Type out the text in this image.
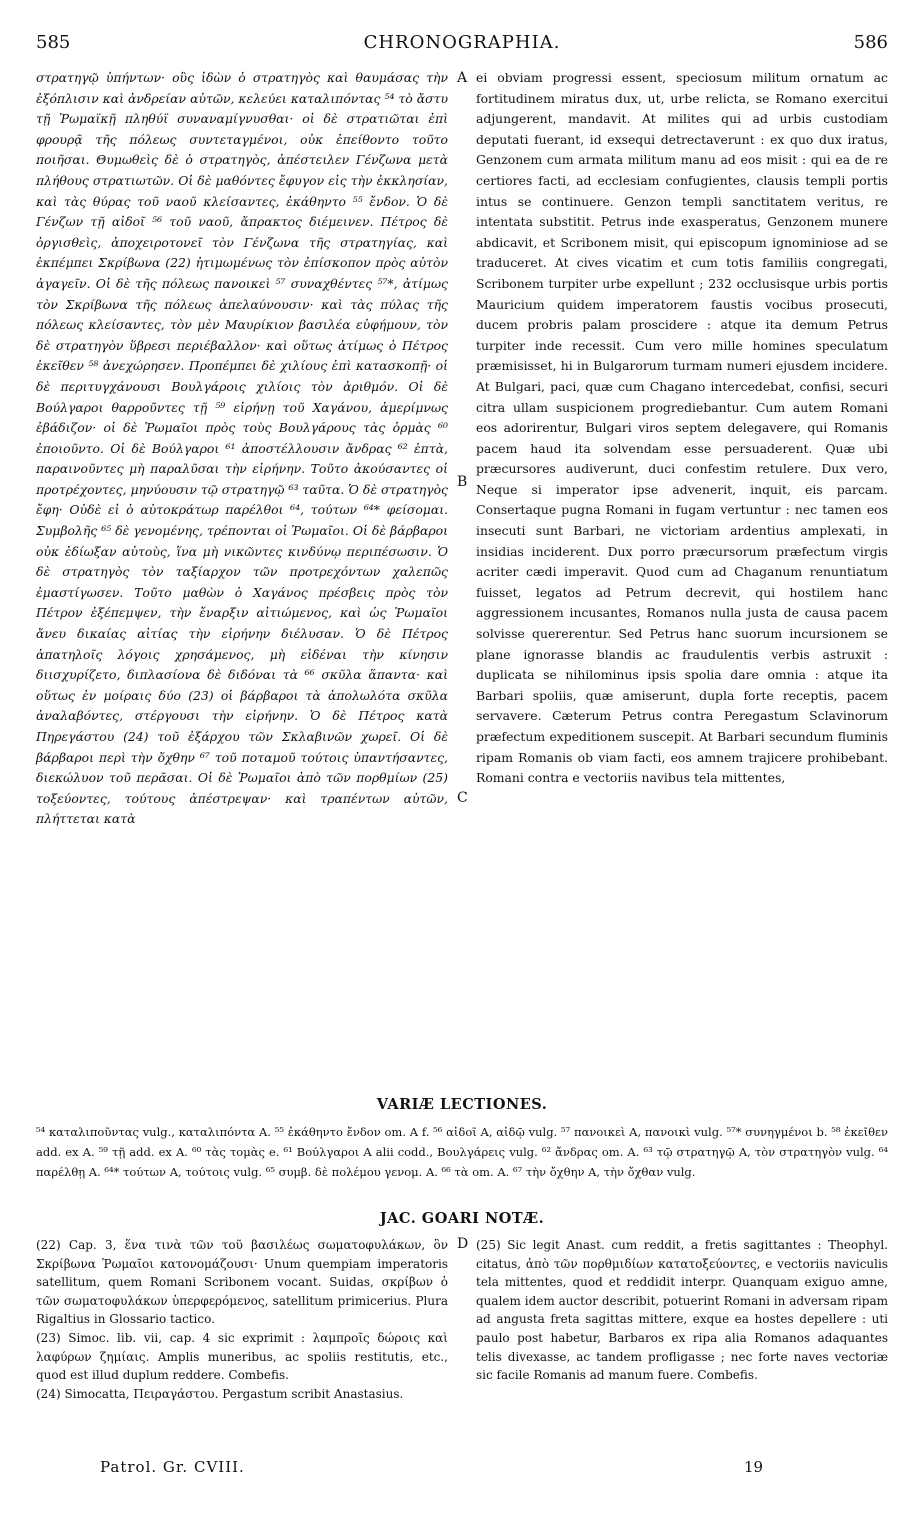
585	CHRONOGRAPHIA.	586

στρατηγῷ ὑπήντων· οὓς ἰδὼν ὁ στρατηγὸς καὶ θαυμάσας τὴν ἐξόπλισιν καὶ ἀνδρείαν αὐτῶν, κελεύει καταλιπόντας ⁵⁴ τὸ ἄστυ τῇ Ῥωμαϊκῇ πληθύϊ συναναμίγνυσθαι· οἱ δὲ στρατιῶται ἐπὶ φρουρᾷ τῆς πόλεως συντεταγμένοι, οὐκ ἐπείθοντο τοῦτο ποιῆσαι. Θυμωθεὶς δὲ ὁ στρατηγὸς, ἀπέστειλεν Γένζωνα μετὰ πλήθους στρατιωτῶν. Οἱ δὲ μαθόντες ἔφυγον εἰς τὴν ἐκκλησίαν, καὶ τὰς θύρας τοῦ ναοῦ κλείσαντες, ἐκάθηντο ⁵⁵ ἔνδον. Ὁ δὲ Γένζων τῇ αἰδοῖ ⁵⁶ τοῦ ναοῦ, ἄπρακτος διέμεινεν. Πέτρος δὲ ὀργισθεὶς, ἀποχειροτονεῖ τὸν Γένζωνα τῆς στρατηγίας, καὶ ἐκπέμπει Σκρίβωνα (22) ἠτιμωμένως τὸν ἐπίσκοπον πρὸς αὐτὸν ἀγαγεῖν. Οἱ δὲ τῆς πόλεως πανοικεὶ ⁵⁷ συναχθέντες ⁵⁷*, ἀτίμως τὸν Σκρίβωνα τῆς πόλεως ἀπελαύνουσιν· καὶ τὰς πύλας τῆς πόλεως κλείσαντες, τὸν μὲν Μαυρίκιον βασιλέα εὐφήμουν, τὸν δὲ στρατηγὸν ὕβρεσι περιέβαλλον· καὶ οὕτως ἀτίμως ὁ Πέτρος ἐκεῖθεν ⁵⁸ ἀνεχώρησεν. Προπέμπει δὲ χιλίους ἐπὶ κατασκοπῇ· οἱ δὲ περιτυγχάνουσι Βουλγάροις χιλίοις τὸν ἀριθμόν. Οἱ δὲ Βούλγαροι θαρρoῦντες τῇ ⁵⁹ εἰρήνῃ τοῦ Χαγάνου, ἀμερίμνως ἐβάδιζον· οἱ δὲ Ῥωμαῖοι πρὸς τοὺς Βουλγάρους τὰς ὁρμὰς ⁶⁰ ἐποιοῦντο. Οἱ δὲ Βούλγαροι ⁶¹ ἀποστέλλουσιν ἄνδρας ⁶² ἑπτὰ, παραινοῦντες μὴ παραλῦσαι τὴν εἰρήνην. Τοῦτο ἀκούσαντες οἱ προτρέχοντες, μηνύουσιν τῷ στρατηγῷ ⁶³ ταῦτα. Ὁ δὲ στρατηγὸς ἔφη· Οὐδὲ εἰ ὁ αὐτοκράτωρ παρέλθοι ⁶⁴, τούτων ⁶⁴* φείσομαι. Συμβολῆς ⁶⁵ δὲ γενομένης, τρέπονται οἱ Ῥωμαῖοι. Οἱ δὲ βάρβαροι οὐκ ἐδίωξαν αὐτοὺς, ἵνα μὴ νικῶντες κινδύνῳ περιπέσωσιν. Ὁ δὲ στρατηγὸς τὸν ταξίαρχον τῶν προτρεχόντων χαλεπῶς ἐμαστίγωσεν. Τοῦτο μαθὼν ὁ Χαγάνος πρέσβεις πρὸς τὸν Πέτρον ἐξέπεμψεν, τὴν ἔναρξιν αἰτιώμενος, καὶ ὡς Ῥωμαῖοι ἄνευ δικαίας αἰτίας τὴν εἰρήνην διέλυσαν. Ὁ δὲ Πέτρος ἀπατηλοῖς λόγοις χρησάμενος, μὴ εἰδέναι τὴν κίνησιν διισχυρίζετο, διπλασίονα δὲ διδόναι τὰ ⁶⁶ σκῦλα ἅπαντα· καὶ οὕτως ἐν μοίραις δύο (23) οἱ βάρβαροι τὰ ἀπολωλότα σκῦλα ἀναλαβόντες, στέργουσι τὴν εἰρήνην. Ὁ δὲ Πέτρος κατὰ Πηρεγάστου (24) τοῦ ἐξάρχου τῶν Σκλαβινῶν χωρεῖ. Οἱ δὲ βάρβαροι περὶ τὴν ὄχθην ⁶⁷ τοῦ ποταμοῦ τούτοις ὑπαντήσαντες, διεκώλυον τοῦ περᾶσαι. Οἱ δὲ Ῥωμαῖοι ἀπὸ τῶν πορθμίων (25) τοξεύοντες, τούτους ἀπέστρεψαν· καὶ τραπέντων αὐτῶν, πλήττεται κατὰ

A
B
C

ei obviam progressi essent, speciosum militum ornatum ac fortitudinem miratus dux, ut, urbe relicta, se Romano exercitui adjungerent, mandavit. At milites qui ad urbis custodiam deputati fuerant, id exsequi detrectaverunt : ex quo dux iratus, Genzonem cum armata militum manu ad eos misit : qui ea de re certiores facti, ad ecclesiam confugientes, clausis templi portis intus se continuere. Genzon templi sanctitatem veritus, re intentata substitit. Petrus inde exasperatus, Genzonem munere abdicavit, et Scribonem misit, qui episcopum ignominiose ad se traduceret. At cives vicatim et cum totis familiis congregati, Scribonem turpiter urbe expellunt ; 232 occlusisque urbis portis Mauricium quidem imperatorem faustis vocibus prosecuti, ducem probris palam proscidere : atque ita demum Petrus turpiter inde recessit. Cum vero mille homines speculatum præmisisset, hi in Bulgarorum turmam numeri ejusdem incidere. At Bulgari, paci, quæ cum Chagano intercedebat, confisi, securi citra ullam suspicionem progrediebantur. Cum autem Romani eos adorirentur, Bulgari viros septem delegavere, qui Romanis pacem haud ita solvendam esse persuaderent. Quæ ubi præcursores audiverunt, duci confestim retulere. Dux vero, Neque si imperator ipse advenerit, inquit, eis parcam. Consertaque pugna Romani in fugam vertuntur : nec tamen eos insecuti sunt Barbari, ne victoriam ardentius amplexati, in insidias inciderent. Dux porro præcursorum præfectum virgis acriter cædi imperavit. Quod cum ad Chaganum renuntiatum fuisset, legatos ad Petrum decrevit, qui hostilem hanc aggressionem incusantes, Romanos nulla justa de causa pacem solvisse quererentur. Sed Petrus hanc suorum incursionem se plane ignorasse blandis ac fraudulentis verbis astruxit : duplicata se nihilominus ipsis spolia dare omnia : atque ita Barbari spoliis, quæ amiserunt, dupla forte receptis, pacem servavere. Cæterum Petrus contra Peregastum Sclavinorum præfectum expeditionem suscepit. At Barbari secundum fluminis ripam Romanis ob viam facti, eos amnem trajicere prohibebant. Romani contra e vectoriis navibus tela mittentes,

VARIÆ LECTIONES.

⁵⁴ καταλιποῦντας vulg., καταλιπόντα A. ⁵⁵ ἐκάθηντο ἔνδον om. A f. ⁵⁶ αἰδοῖ A, αἰδῷ vulg. ⁵⁷ πανοικεὶ A, πανοικὶ vulg. ⁵⁷* συνηγμένοι b. ⁵⁸ ἐκεῖθεν add. ex A. ⁵⁹ τῇ add. ex A. ⁶⁰ τὰς τομὰς e. ⁶¹ Βούλγαροι A alii codd., Βουλγάρεις vulg. ⁶² ἄνδρας om. A. ⁶³ τῷ στρατηγῷ A, τὸν στρατηγὸν vulg. ⁶⁴ παρέλθῃ A. ⁶⁴* τούτων A, τούτοις vulg. ⁶⁵ συμβ. δὲ πολέμου γενομ. A. ⁶⁶ τὰ om. A. ⁶⁷ τὴν ὄχθην A, τὴν ὄχθαν vulg.

JAC. GOARI NOTÆ.

(22) Cap. 3, ἕνα τινὰ τῶν τοῦ βασιλέως σωματοφυλάκων, ὃν Σκρίβωνα Ῥωμαῖοι κατονομάζουσι· Unum quempiam imperatoris satellitum, quem Romani Scribonem vocant. Suidas, σκρίβων ὁ τῶν σωματοφυλάκων ὑπερφερόμενος, satellitum primicerius. Plura Rigaltius in Glossario tactico.

(23) Simoc. lib. vii, cap. 4 sic exprimit : λαμπροῖς δώροις καὶ λαφύρων ζημίαις. Amplis muneribus, ac spoliis restitutis, etc., quod est illud duplum reddere. Combefis.

(24) Simocatta, Πειραγάστου. Pergastum scribit Anastasius.

D (25) Sic legit Anast. cum reddit, a fretis sagittantes : Theophyl. citatus, ἀπὸ τῶν πορθμιδίων κατατοξεύοντες, e vectoriis naviculis tela mittentes, quod et reddidit interpr. Quanquam exiguo amne, qualem idem auctor describit, potuerint Romani in adversam ripam ad angusta freta sagittas mittere, exque ea hostes depellere : uti paulo post habetur, Barbaros ex ripa alia Romanos adaquantes telis divexasse, ac tandem profligasse ; nec forte naves vectoriæ sic facile Romanis ad manum fuere. Combefis.

Patrol. Gr. CVIII.	19
